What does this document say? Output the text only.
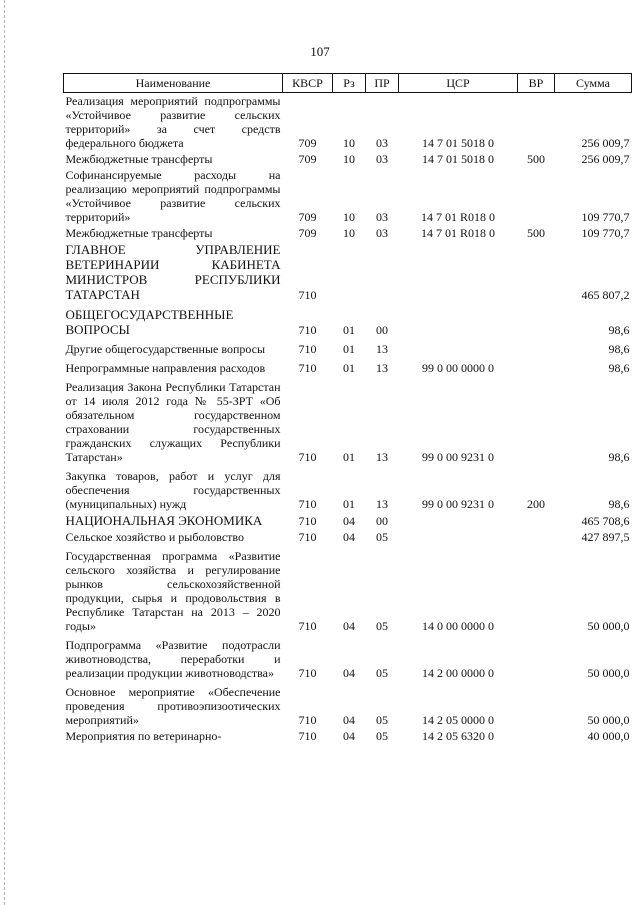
107
Наименование	КВСР	Рз	ПР	ЦСР	ВР	Сумма
Реализация мероприятий подпрограммы «Устойчивое развитие сельских территорий» за счет средств федерального бюджета	709	10	03	14 7 01 5018 0		256 009,7
Межбюджетные трансферты	709	10	03	14 7 01 5018 0	500	256 009,7
Софинансируемые расходы на реализацию мероприятий подпрограммы «Устойчивое развитие сельских территорий»	709	10	03	14 7 01 R018 0		109 770,7
Межбюджетные трансферты	709	10	03	14 7 01 R018 0	500	109 770,7
ГЛАВНОЕ УПРАВЛЕНИЕ ВЕТЕРИНАРИИ КАБИНЕТА МИНИСТРОВ РЕСПУБЛИКИ ТАТАРСТАН	710					465 807,2
ОБЩЕГОСУДАРСТВЕННЫЕ ВОПРОСЫ	710	01	00			98,6
Другие общегосударственные вопросы	710	01	13			98,6
Непрограммные направления расходов	710	01	13	99 0 00 0000 0		98,6
Реализация Закона Республики Татарстан от 14 июля 2012 года № 55-ЗРТ «Об обязательном государственном страховании государственных гражданских служащих Республики Татарстан»	710	01	13	99 0 00 9231 0		98,6
Закупка товаров, работ и услуг для обеспечения государственных (муниципальных) нужд	710	01	13	99 0 00 9231 0	200	98,6
НАЦИОНАЛЬНАЯ ЭКОНОМИКА	710	04	00			465 708,6
Сельское хозяйство и рыболовство	710	04	05			427 897,5
Государственная программа «Развитие сельского хозяйства и регулирование рынков сельскохозяйственной продукции, сырья и продовольствия в Республике Татарстан на 2013 – 2020 годы»	710	04	05	14 0 00 0000 0		50 000,0
Подпрограмма «Развитие подотрасли животноводства, переработки и реализации продукции животноводства»	710	04	05	14 2 00 0000 0		50 000,0
Основное мероприятие «Обеспечение проведения противоэпизоотических мероприятий»	710	04	05	14 2 05 0000 0		50 000,0
Мероприятия по ветеринарно-	710	04	05	14 2 05 6320 0		40 000,0
